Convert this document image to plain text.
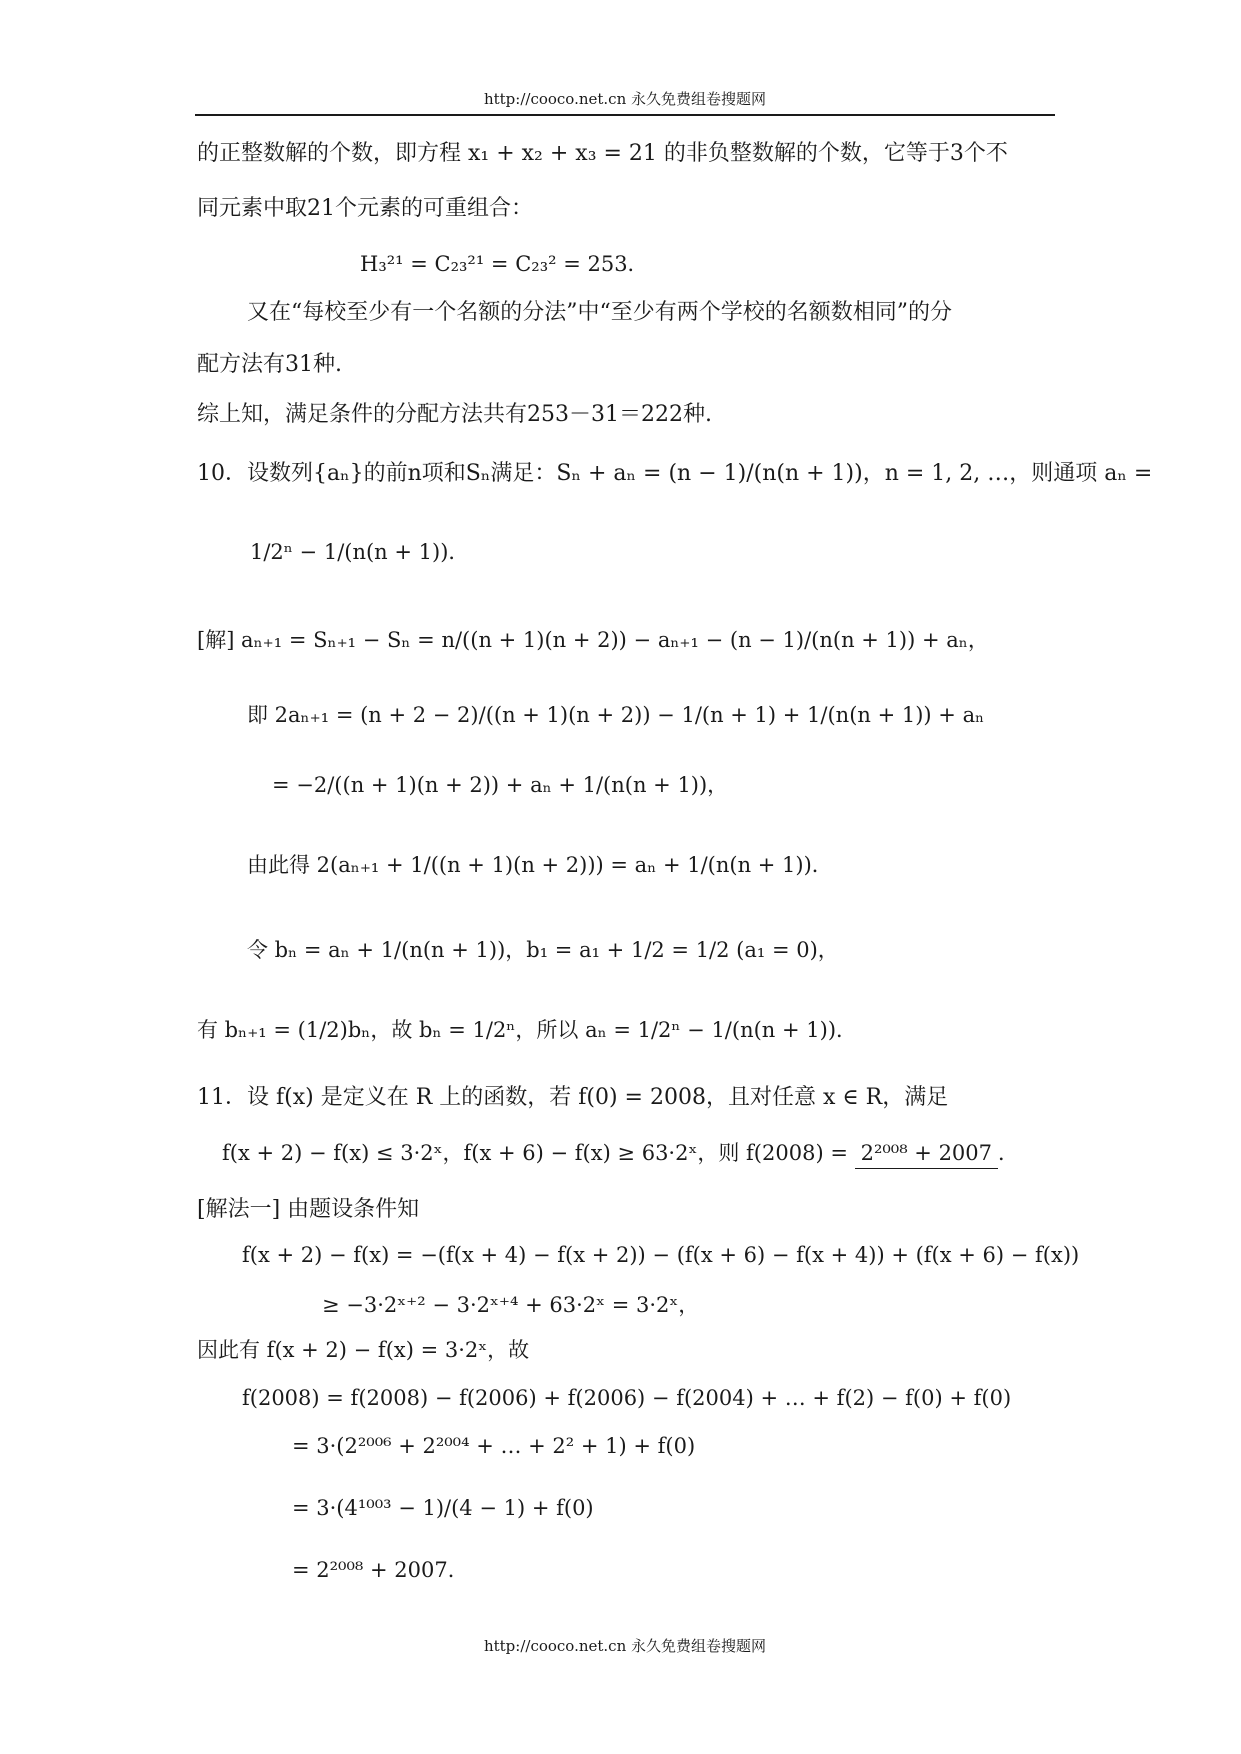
http://cooco.net.cn 永久免费组卷搜题网
的正整数解的个数，即方程 x₁ + x₂ + x₃ = 21 的非负整数解的个数，它等于3个不
同元素中取21个元素的可重组合：
H₃²¹ = C₂₃²¹ = C₂₃² = 253．
又在“每校至少有一个名额的分法”中“至少有两个学校的名额数相同”的分
配方法有31种.
综上知，满足条件的分配方法共有253－31＝222种.
10．设数列{aₙ}的前n项和Sₙ满足：Sₙ + aₙ = (n − 1)/(n(n + 1))，n = 1, 2, …，则通项 aₙ =
1/2ⁿ − 1/(n(n + 1))．
[解] aₙ₊₁ = Sₙ₊₁ − Sₙ = n/((n + 1)(n + 2)) − aₙ₊₁ − (n − 1)/(n(n + 1)) + aₙ，
即 2aₙ₊₁ = (n + 2 − 2)/((n + 1)(n + 2)) − 1/(n + 1) + 1/(n(n + 1)) + aₙ
= −2/((n + 1)(n + 2)) + aₙ + 1/(n(n + 1))，
由此得 2(aₙ₊₁ + 1/((n + 1)(n + 2))) = aₙ + 1/(n(n + 1))．
令 bₙ = aₙ + 1/(n(n + 1))，b₁ = a₁ + 1/2 = 1/2 (a₁ = 0)，
有 bₙ₊₁ = (1/2)bₙ，故 bₙ = 1/2ⁿ，所以 aₙ = 1/2ⁿ − 1/(n(n + 1))．
11．设 f(x) 是定义在 R 上的函数，若 f(0) = 2008，且对任意 x ∈ R，满足
f(x + 2) − f(x) ≤ 3·2ˣ，f(x + 6) − f(x) ≥ 63·2ˣ，则 f(2008) = 2²⁰⁰⁸ + 2007 ．
[解法一] 由题设条件知
f(x + 2) − f(x) = −(f(x + 4) − f(x + 2)) − (f(x + 6) − f(x + 4)) + (f(x + 6) − f(x))
≥ −3·2ˣ⁺² − 3·2ˣ⁺⁴ + 63·2ˣ = 3·2ˣ，
因此有 f(x + 2) − f(x) = 3·2ˣ，故
f(2008) = f(2008) − f(2006) + f(2006) − f(2004) + … + f(2) − f(0) + f(0)
= 3·(2²⁰⁰⁶ + 2²⁰⁰⁴ + … + 2² + 1) + f(0)
= 3·(4¹⁰⁰³ − 1)/(4 − 1) + f(0)
= 2²⁰⁰⁸ + 2007．
http://cooco.net.cn 永久免费组卷搜题网
